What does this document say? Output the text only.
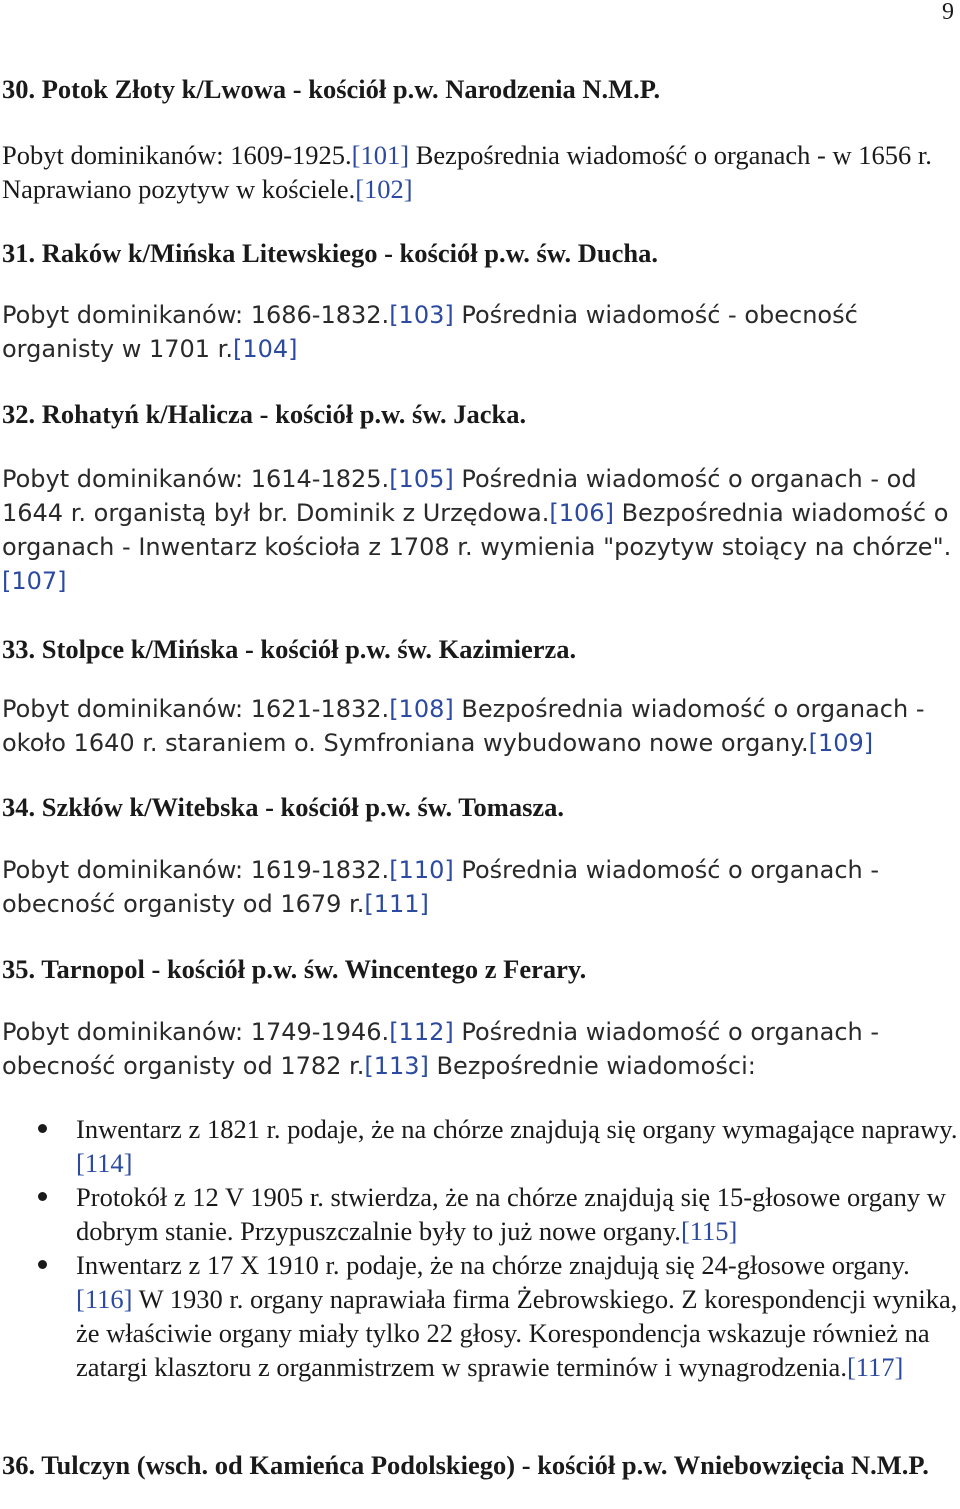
9
30. Potok Złoty k/Lwowa - kościół p.w. Narodzenia N.M.P.
Pobyt dominikanów: 1609-1925.[101] Bezpośrednia wiadomość o organach - w 1656 r. Naprawiano pozytyw w kościele.[102]
31. Raków k/Mińska Litewskiego - kościół p.w. św. Ducha.
Pobyt dominikanów: 1686-1832.[103] Pośrednia wiadomość - obecność organisty w 1701 r.[104]
32. Rohatyń k/Halicza - kościół p.w. św. Jacka.
Pobyt dominikanów: 1614-1825.[105] Pośrednia wiadomość o organach - od 1644 r. organistą był br. Dominik z Urzędowa.[106] Bezpośrednia wiadomość o organach - Inwentarz kościoła z 1708 r. wymienia "pozytyw stoiący na chórze".[107]
33. Stolpce k/Mińska - kościół p.w. św. Kazimierza.
Pobyt dominikanów: 1621-1832.[108] Bezpośrednia wiadomość o organach - około 1640 r. staraniem o. Symfroniana wybudowano nowe organy.[109]
34. Szkłów k/Witebska - kościół p.w. św. Tomasza.
Pobyt dominikanów: 1619-1832.[110] Pośrednia wiadomość o organach - obecność organisty od 1679 r.[111]
35. Tarnopol - kościół p.w. św. Wincentego z Ferary.
Pobyt dominikanów: 1749-1946.[112] Pośrednia wiadomość o organach - obecność organisty od 1782 r.[113] Bezpośrednie wiadomości:
Inwentarz z 1821 r. podaje, że na chórze znajdują się organy wymagające naprawy.[114]
Protokół z 12 V 1905 r. stwierdza, że na chórze znajdują się 15-głosowe organy w dobrym stanie. Przypuszczalnie były to już nowe organy.[115]
Inwentarz z 17 X 1910 r. podaje, że na chórze znajdują się 24-głosowe organy.[116] W 1930 r. organy naprawiała firma Żebrowskiego. Z korespondencji wynika, że właściwie organy miały tylko 22 głosy. Korespondencja wskazuje również na zatargi klasztoru z organmistrzem w sprawie terminów i wynagrodzenia.[117]
36. Tulczyn (wsch. od Kamieńca Podolskiego) - kościół p.w. Wniebowzięcia N.M.P.
